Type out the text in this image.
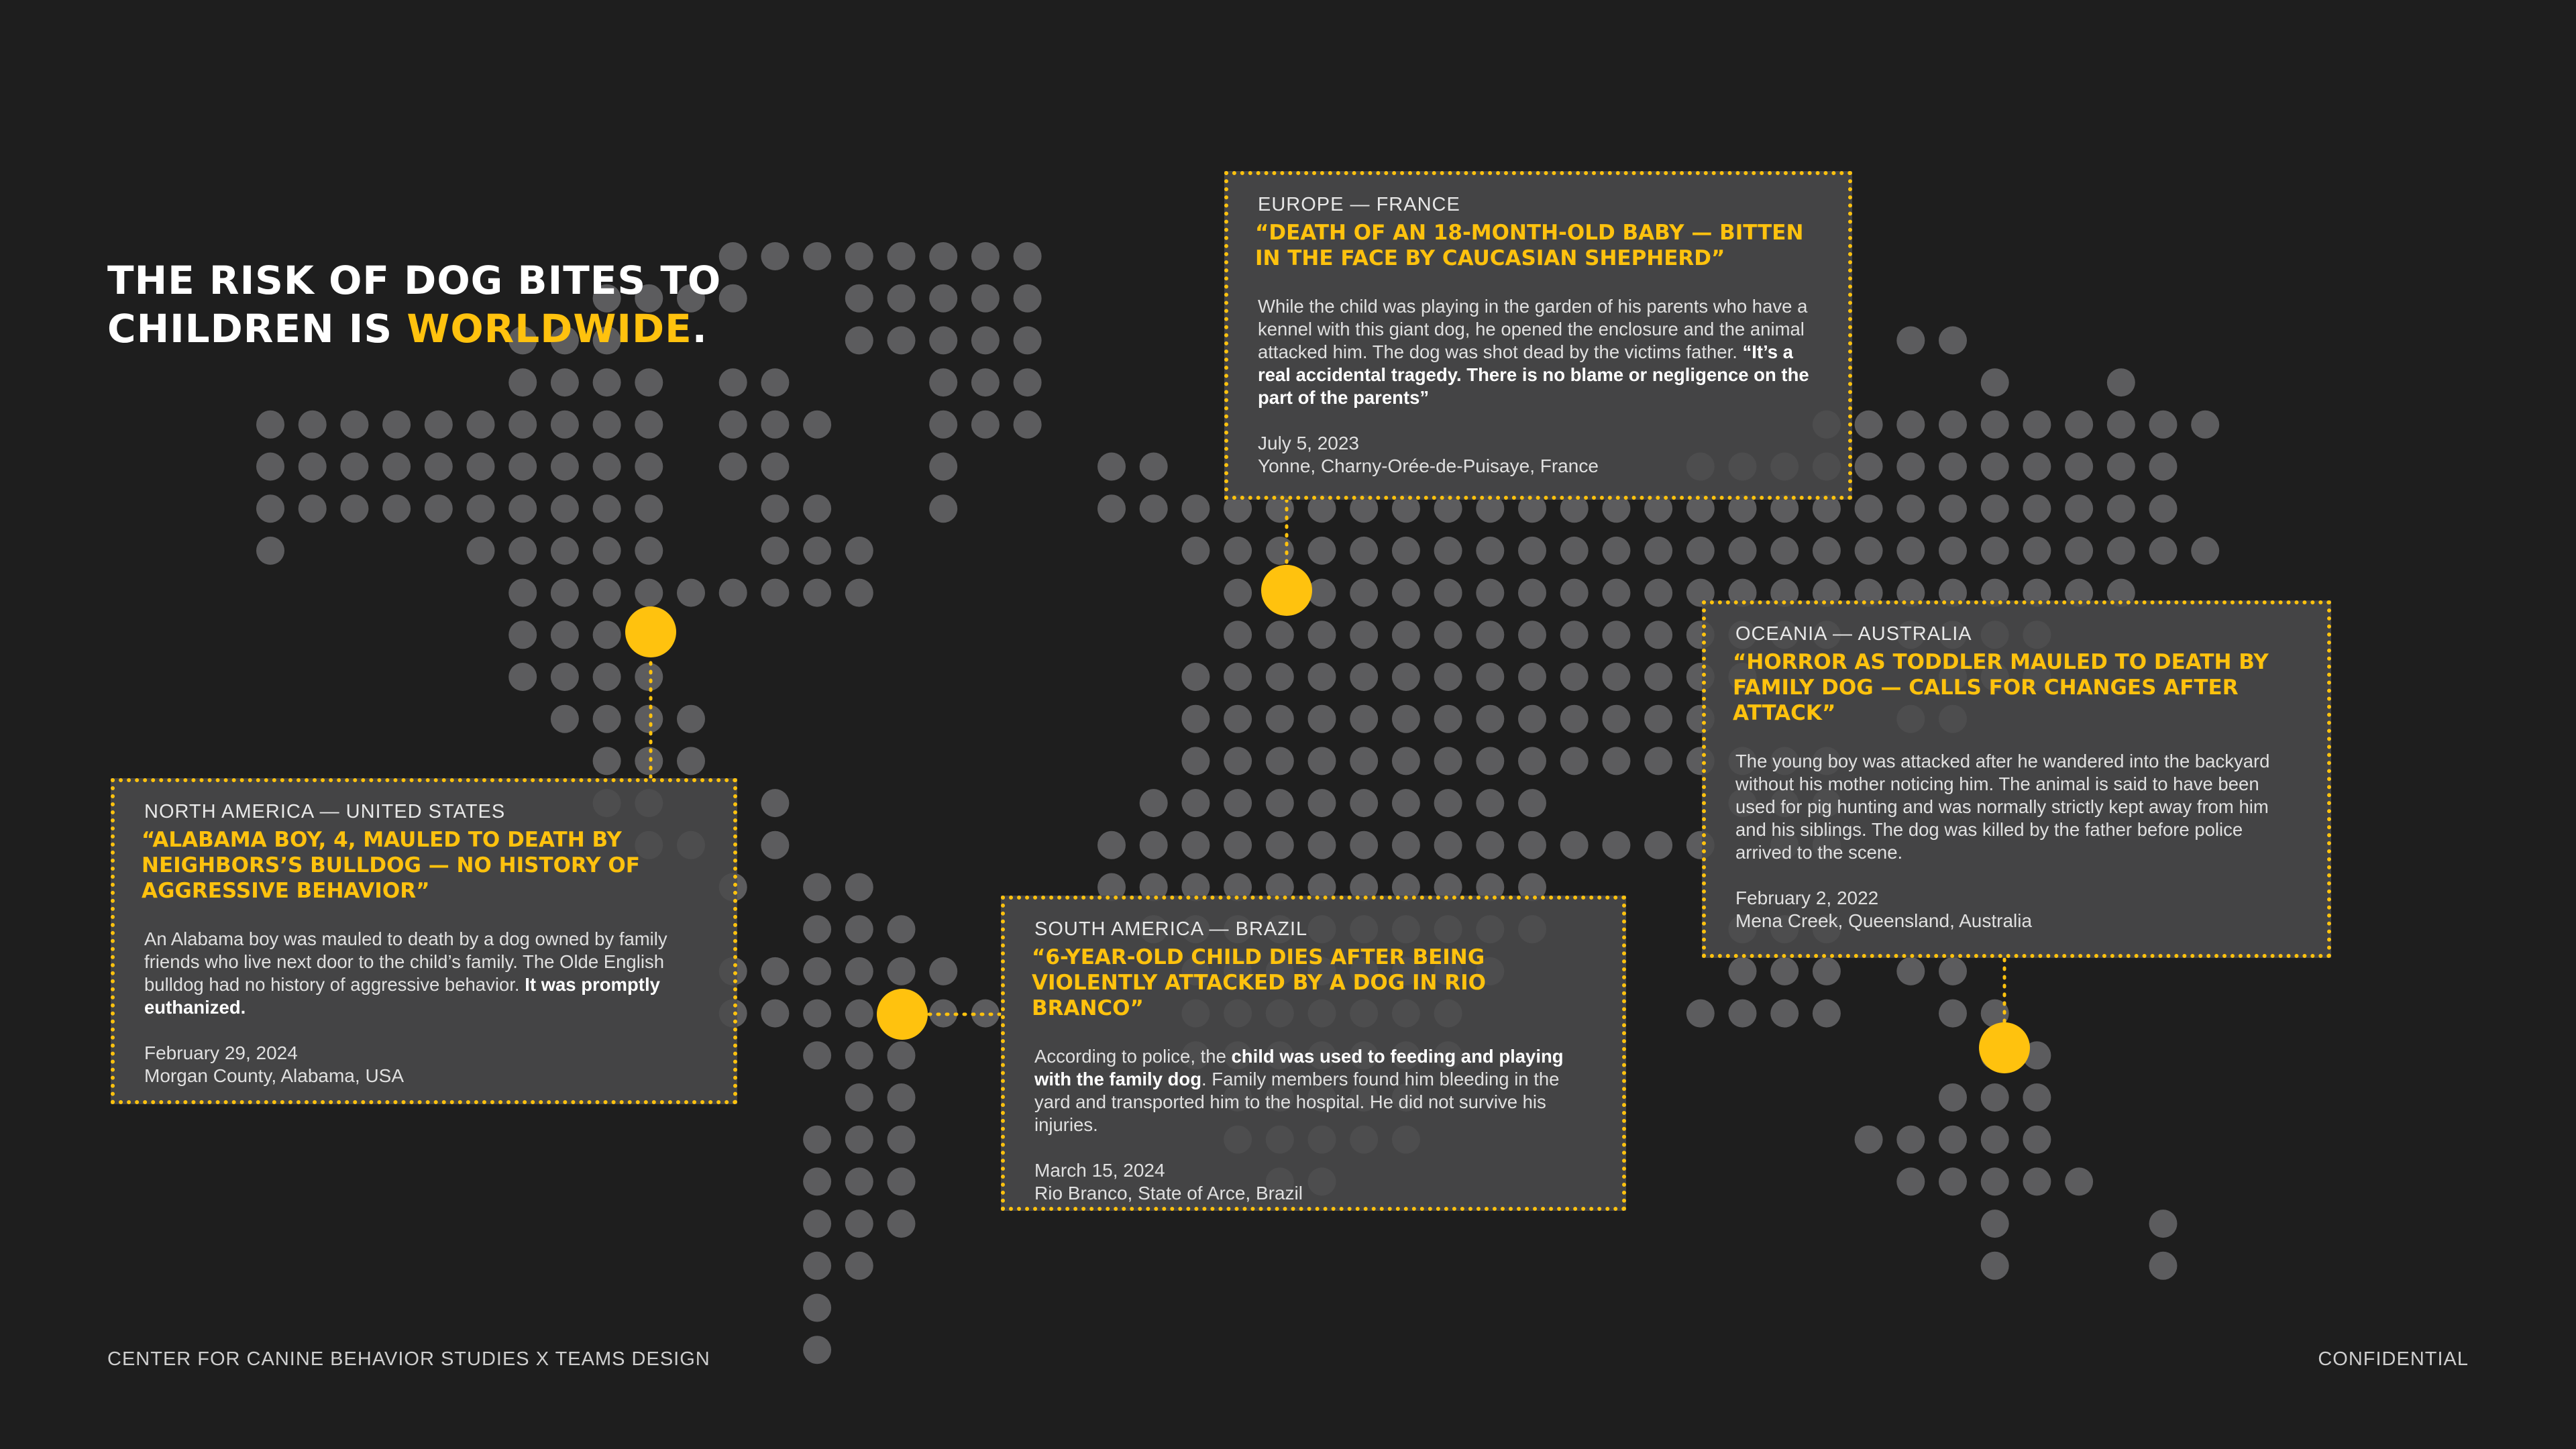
THE RISK OF DOG BITES TO
CHILDREN IS WORLDWIDE.
NORTH AMERICA — UNITED STATES
“ALABAMA BOY, 4, MAULED TO DEATH BY NEIGHBORS’S BULLDOG — NO HISTORY OF AGGRESSIVE BEHAVIOR”
An Alabama boy was mauled to death by a dog owned by family friends who live next door to the child’s family. The Olde English bulldog had no history of aggressive behavior. It was promptly euthanized.
February 29, 2024
Morgan County, Alabama, USA
EUROPE — FRANCE
“DEATH OF AN 18-MONTH-OLD BABY — BITTEN IN THE FACE BY CAUCASIAN SHEPHERD”
While the child was playing in the garden of his parents who have a kennel with this giant dog, he opened the enclosure and the animal attacked him. The dog was shot dead by the victims father. “It’s a real accidental tragedy. There is no blame or negligence on the part of the parents”
July 5, 2023
Yonne, Charny-Orée-de-Puisaye, France
SOUTH AMERICA — BRAZIL
“6-YEAR-OLD CHILD DIES AFTER BEING VIOLENTLY ATTACKED BY A DOG IN RIO BRANCO”
According to police, the child was used to feeding and playing with the family dog. Family members found him bleeding in the yard and transported him to the hospital. He did not survive his injuries.
March 15, 2024
Rio Branco, State of Arce, Brazil
OCEANIA — AUSTRALIA
“HORROR AS TODDLER MAULED TO DEATH BY FAMILY DOG — CALLS FOR CHANGES AFTER ATTACK”
The young boy was attacked after he wandered into the backyard without his mother noticing him. The animal is said to have been used for pig hunting and was normally strictly kept away from him and his siblings. The dog was killed by the father before police arrived to the scene.
February 2, 2022
Mena Creek, Queensland, Australia
CENTER FOR CANINE BEHAVIOR STUDIES X TEAMS DESIGN	CONFIDENTIAL
